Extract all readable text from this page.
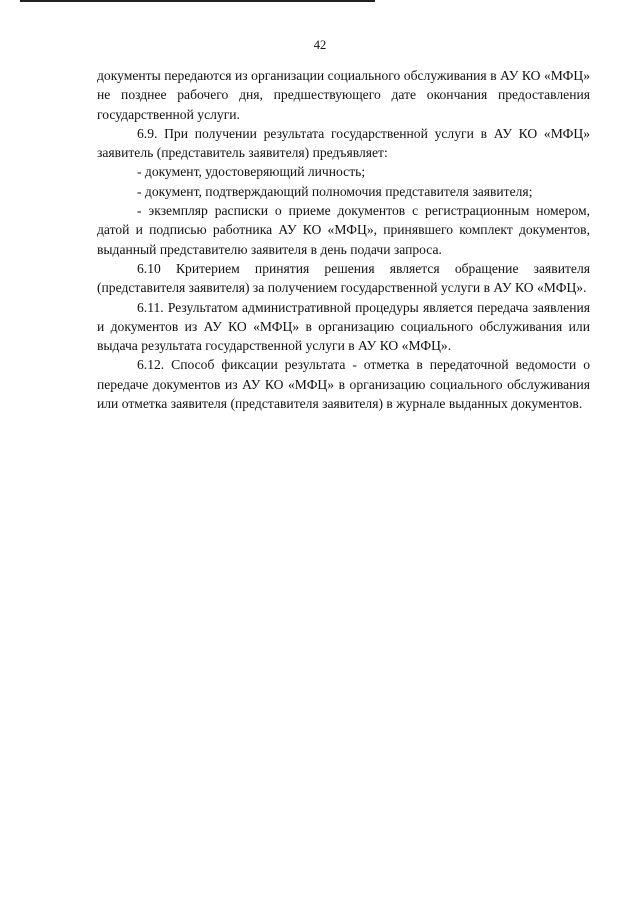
42

документы передаются из организации социального обслуживания в АУ КО «МФЦ» не позднее рабочего дня, предшествующего дате окончания предоставления государственной услуги.

6.9. При получении результата государственной услуги в АУ КО «МФЦ» заявитель (представитель заявителя) предъявляет:

- документ, удостоверяющий личность;

- документ, подтверждающий полномочия представителя заявителя;

- экземпляр расписки о приеме документов с регистрационным номером, датой и подписью работника АУ КО «МФЦ», принявшего комплект документов, выданный представителю заявителя в день подачи запроса.

6.10 Критерием принятия решения является обращение заявителя (представителя заявителя) за получением государственной услуги в АУ КО «МФЦ».

6.11. Результатом административной процедуры является передача заявления и документов из АУ КО «МФЦ» в организацию социального обслуживания или выдача результата государственной услуги в АУ КО «МФЦ».

6.12. Способ фиксации результата - отметка в передаточной ведомости о передаче документов из АУ КО «МФЦ» в организацию социального обслуживания или отметка заявителя (представителя заявителя) в журнале выданных документов.
